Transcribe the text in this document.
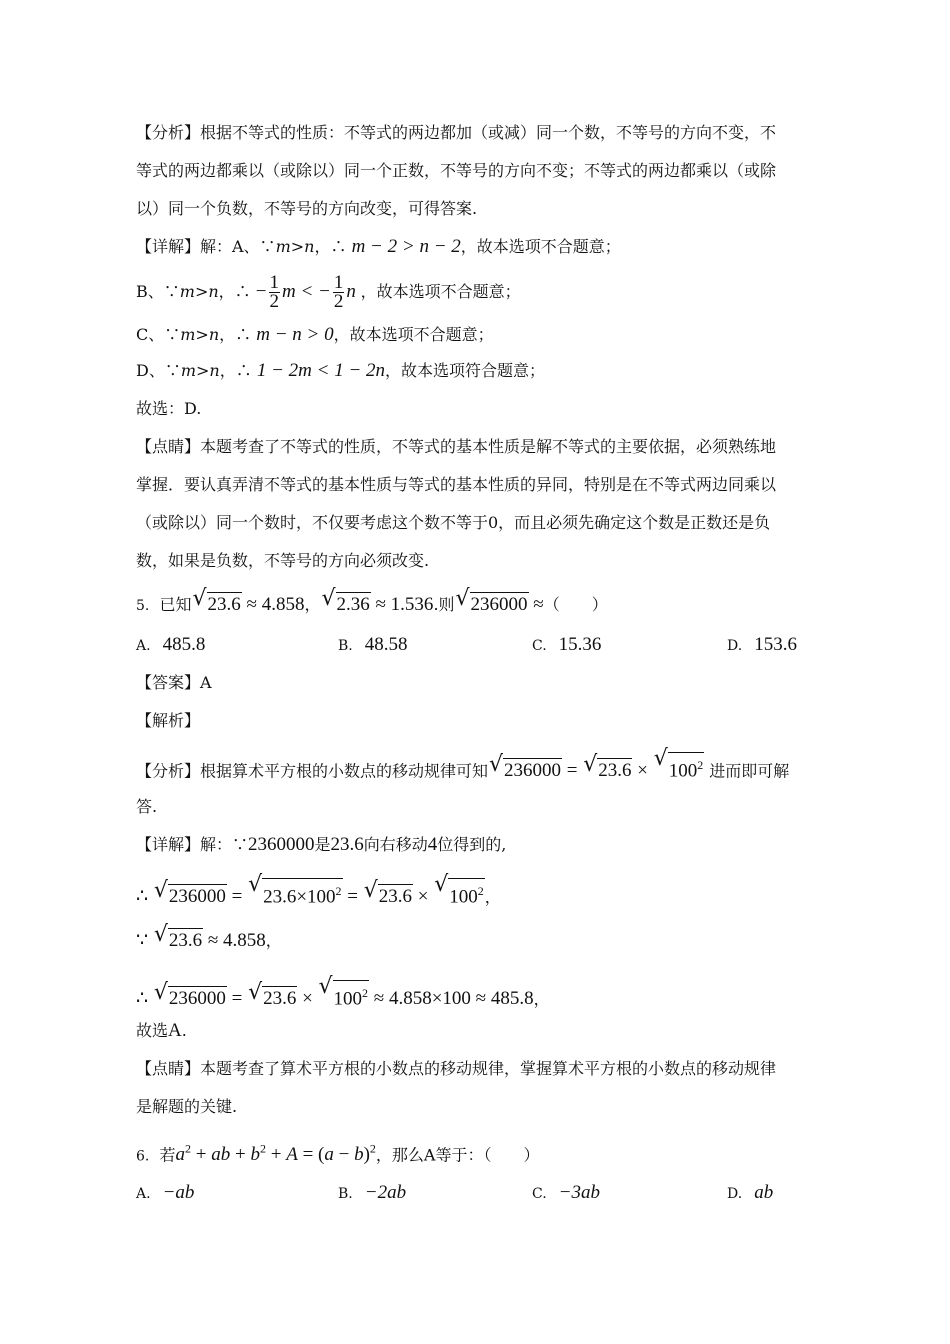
【分析】根据不等式的性质：不等式的两边都加（或减）同一个数，不等号的方向不变，不
等式的两边都乘以（或除以）同一个正数，不等号的方向不变；不等式的两边都乘以（或除
以）同一个负数，不等号的方向改变，可得答案.
【详解】解：A、∵m>n，∴ m − 2 > n − 2，故本选项不合题意；
B、∵m>n，∴ − $\frac{1}{2}$ m < − $\frac{1}{2}$ n ，故本选项不合题意；
C、∵m>n，∴ m − n > 0，故本选项不合题意；
D、∵m>n，∴ 1 − 2m < 1 − 2n，故本选项符合题意；
故选：D.
【点睛】本题考查了不等式的性质，不等式的基本性质是解不等式的主要依据，必须熟练地
掌握．要认真弄清不等式的基本性质与等式的基本性质的异同，特别是在不等式两边同乘以
（或除以）同一个数时，不仅要考虑这个数不等于0，而且必须先确定这个数是正数还是负
数，如果是负数，不等号的方向必须改变.
5. 已知 √ 23.6 ≈ 4.858， √ 2.36 ≈ 1.536.则 √ 236000 ≈（　　）
A. 485.8	B. 48.58	C. 15.36	D. 153.6
【答案】A
【解析】
【分析】根据算术平方根的小数点的移动规律可知 √ 236000 = √ 23.6 × √ $100^2$ 进而即可解
答.
【详解】解：∵2360000是23.6向右移动4位得到的,
∴ √ 236000 = √ $23.6\times 100^2$ = √ 23.6 × √ $100^2$，
∵ √ 23.6 ≈ 4.858，
∴ √ 236000 = √ 23.6 × √ $100^2 \approx 4.858\times 100 \approx 485.8$，
故选A.
【点睛】本题考查了算术平方根的小数点的移动规律，掌握算术平方根的小数点的移动规律
是解题的关键.
6. 若$a^2$ + ab + $b^2 + A = (a - b)^2$，那么A等于：（　　）
A. −ab	B. −2ab	C. −3ab	D. ab
